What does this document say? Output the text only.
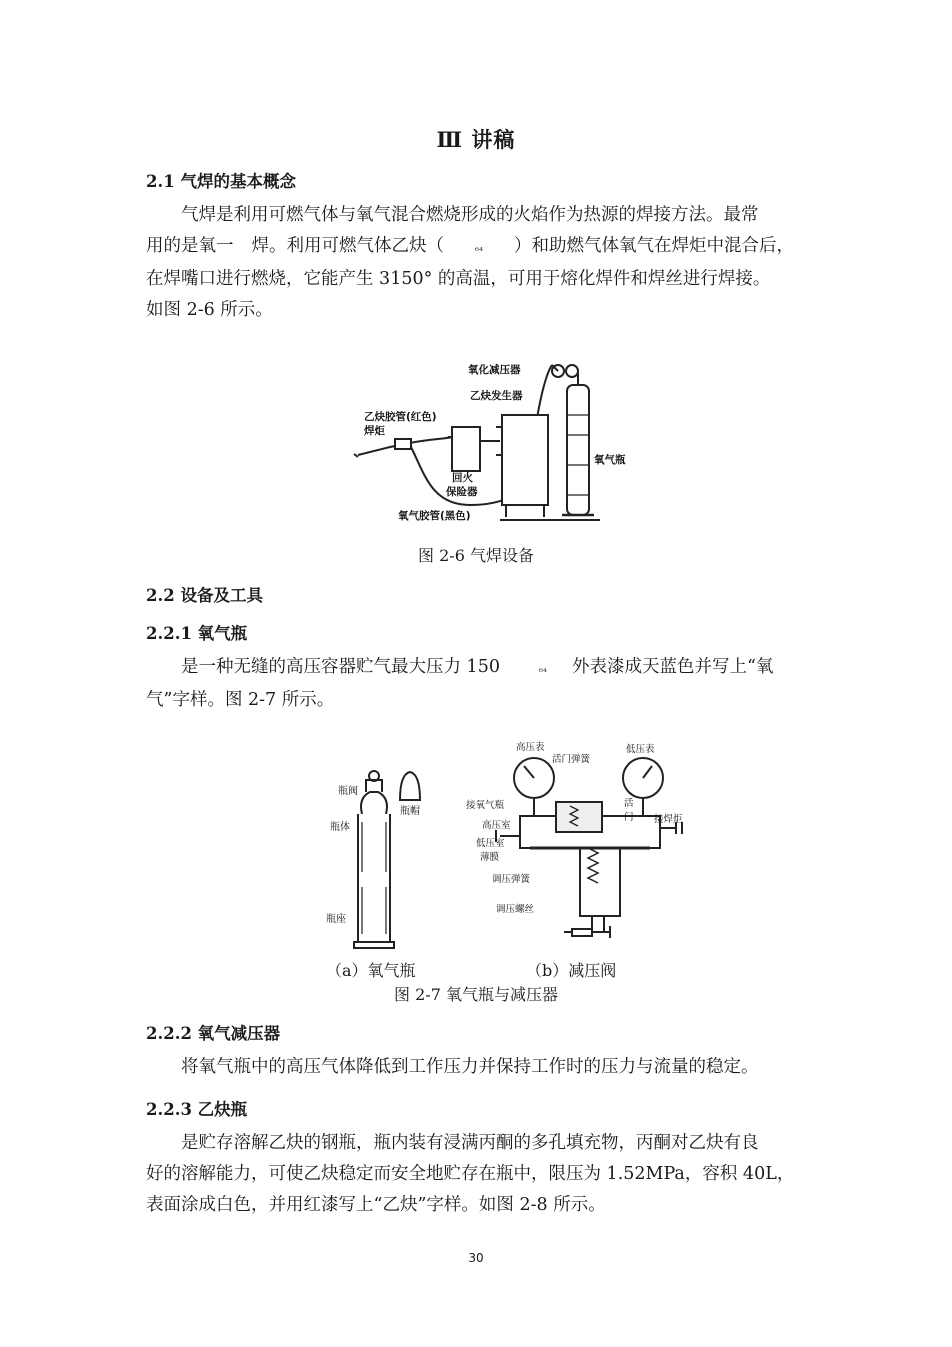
Ⅲ 讲稿
2.1 气焊的基本概念
气焊是利用可燃气体与氧气混合燃烧形成的火焰作为热源的焊接方法。最常
用的是氧一 焊。利用可燃气体乙炔（	₆₄ ）和助燃气体氧气在焊炬中混合后，
在焊嘴口进行燃烧，它能产生 3150° 的高温，可用于熔化焊件和焊丝进行焊接。
如图 2-6 所示。
氧化减压器
乙炔发生器
乙炔胶管(红色)
焊炬
氧气瓶
回火
保险器
氧气胶管(黑色)
图 2-6 气焊设备
2.2 设备及工具
2.2.1 氧气瓶
是一种无缝的高压容器贮气最大压力 150	₆₄ 外表漆成天蓝色并写上“氧
气”字样。图 2-7 所示。
瓶阀
瓶帽
瓶体
瓶座
高压表
活门弹簧
低压表
接氧气瓶	活
门 接焊炬
高压室
低压室
薄膜
调压弹簧
调压螺丝
（a）氧气瓶	（b）减压阀
图 2-7 氧气瓶与减压器
2.2.2 氧气减压器
将氧气瓶中的高压气体降低到工作压力并保持工作时的压力与流量的稳定。
2.2.3 乙炔瓶
是贮存溶解乙炔的钢瓶，瓶内装有浸满丙酮的多孔填充物，丙酮对乙炔有良
好的溶解能力，可使乙炔稳定而安全地贮存在瓶中，限压为 1.52MPa，容积 40L，
表面涂成白色，并用红漆写上“乙炔”字样。如图 2-8 所示。
30
